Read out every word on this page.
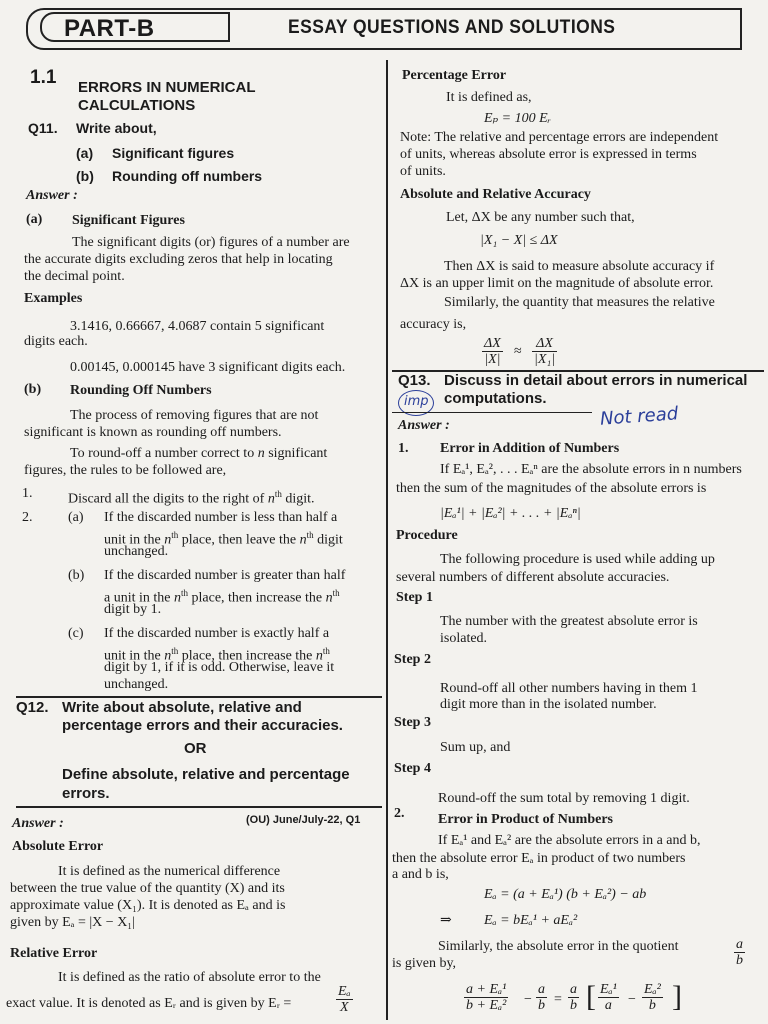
PART-B	ESSAY QUESTIONS AND SOLUTIONS
1.1 ERRORS IN NUMERICAL
CALCULATIONS
Q11. Write about,
(a) Significant figures
(b) Rounding off numbers
Answer :
(a) Significant Figures
The significant digits (or) figures of a number are
the accurate digits excluding zeros that help in locating
the decimal point.
Examples
3.1416, 0.66667, 4.0687 contain 5 significant
digits each.
0.00145, 0.000145 have 3 significant digits each.
(b) Rounding Off Numbers
The process of removing figures that are not
significant is known as rounding off numbers.
To round-off a number correct to n significant
figures, the rules to be followed are,
1.	Discard all the digits to the right of $n^{th}$ digit.
2.	(a) If the discarded number is less than half a
unit in the $n^{th}$ place, then leave the $n^{th}$ digit
unchanged.
(b) If the discarded number is greater than half
a unit in the $n^{th}$ place, then increase the $n^{th}$
digit by 1.
(c) If the discarded number is exactly half a
unit in the $n^{th}$ place, then increase the $n^{th}$
digit by 1, if it is odd. Otherwise, leave it
unchanged.
Q12. Write about absolute, relative and
percentage errors and their accuracies.
OR
Define absolute, relative and percentage
errors.
Answer :	(OU) June/July-22, Q1
Absolute Error
It is defined as the numerical difference
between the true value of the quantity (X) and its
approximate value (X₁). It is denoted as Eₐ and is
given by Eₐ = |X − X₁|
Relative Error
It is defined as the ratio of absolute error to the
exact value. It is denoted as Eᵣ and is given by Eᵣ =
Eₐ
X
Percentage Error
It is defined as,
Eₚ = 100 Eᵣ
Note: The relative and percentage errors are independent
of units, whereas absolute error is expressed in terms
of units.
Absolute and Relative Accuracy
Let, ΔX be any number such that,
|X₁ − X| ≤ ΔX
Then ΔX is said to measure absolute accuracy if
ΔX is an upper limit on the magnitude of absolute error.
Similarly, the quantity that measures the relative
accuracy is,
ΔX
|X|
≈
ΔX
|X₁|
Q13. Discuss in detail about errors in numerical
computations.
imp
Not read
Answer :
1. Error in Addition of Numbers
If Eₐ¹, Eₐ², . . . Eₐⁿ are the absolute errors in n numbers
then the sum of the magnitudes of the absolute errors is
|Eₐ¹| + |Eₐ²| + . . . + |Eₐⁿ|
Procedure
The following procedure is used while adding up
several numbers of different absolute accuracies.
Step 1
The number with the greatest absolute error is
isolated.
Step 2
Round-off all other numbers having in them 1
digit more than in the isolated number.
Step 3
Sum up, and
Step 4
Round-off the sum total by removing 1 digit.
2. Error in Product of Numbers
If Eₐ¹ and Eₐ² are the absolute errors in a and b,
then the absolute error Eₐ in product of two numbers
a and b is,
Eₐ = (a + Eₐ¹) (b + Eₐ²) − ab
⇒ Eₐ = bEₐ¹ + aEₐ²
Similarly, the absolute error in the quotient	a
b
is given by,
a + Eₐ¹
b + Eₐ² −
a
b =
a
b [ Eₐ¹
a	−
Eₐ²
b ]
